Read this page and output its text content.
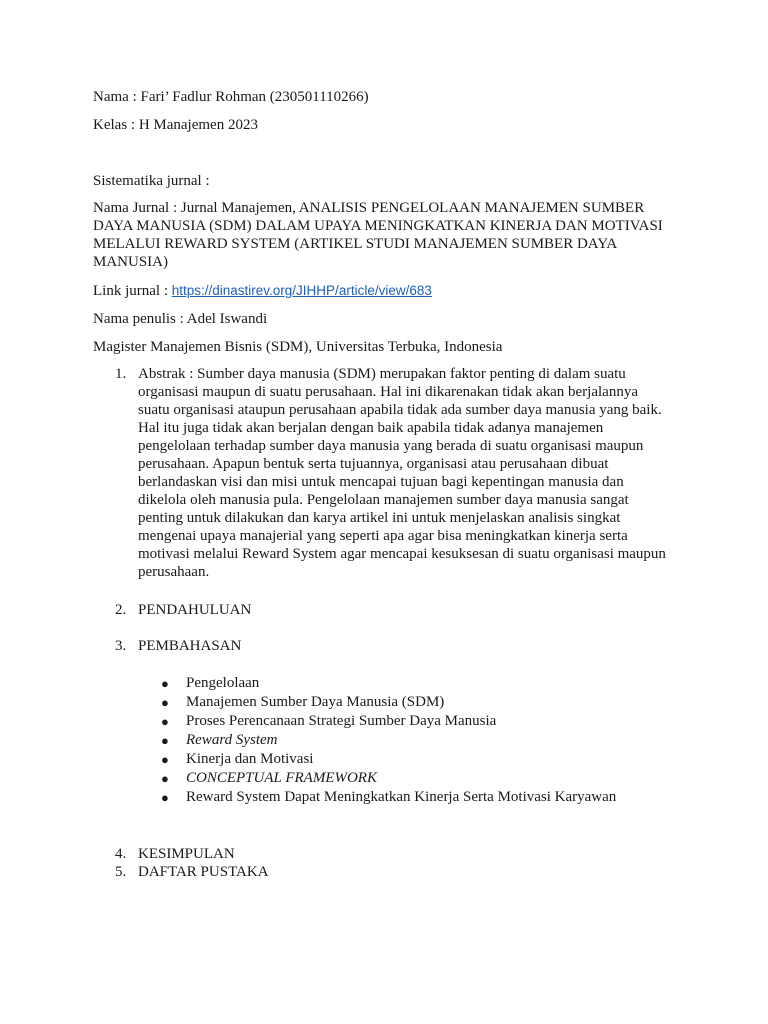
Nama : Fari’ Fadlur Rohman (230501110266)
Kelas : H Manajemen 2023
Sistematika jurnal :
Nama Jurnal : Jurnal Manajemen, ANALISIS PENGELOLAAN MANAJEMEN SUMBER DAYA MANUSIA (SDM) DALAM UPAYA MENINGKATKAN KINERJA DAN MOTIVASI MELALUI REWARD SYSTEM (ARTIKEL STUDI MANAJEMEN SUMBER DAYA MANUSIA)
Link jurnal : https://dinastirev.org/JIHHP/article/view/683
Nama penulis : Adel Iswandi
Magister Manajemen Bisnis (SDM), Universitas Terbuka, Indonesia
1. Abstrak : Sumber daya manusia (SDM) merupakan faktor penting di dalam suatu organisasi maupun di suatu perusahaan. Hal ini dikarenakan tidak akan berjalannya suatu organisasi ataupun perusahaan apabila tidak ada sumber daya manusia yang baik. Hal itu juga tidak akan berjalan dengan baik apabila tidak adanya manajemen pengelolaan terhadap sumber daya manusia yang berada di suatu organisasi maupun perusahaan. Apapun bentuk serta tujuannya, organisasi atau perusahaan dibuat berlandaskan visi dan misi untuk mencapai tujuan bagi kepentingan manusia dan dikelola oleh manusia pula. Pengelolaan manajemen sumber daya manusia sangat penting untuk dilakukan dan karya artikel ini untuk menjelaskan analisis singkat mengenai upaya manajerial yang seperti apa agar bisa meningkatkan kinerja serta motivasi melalui Reward System agar mencapai kesuksesan di suatu organisasi maupun perusahaan.
2. PENDAHULUAN
3. PEMBAHASAN
● Pengelolaan
● Manajemen Sumber Daya Manusia (SDM)
● Proses Perencanaan Strategi Sumber Daya Manusia
● Reward System
● Kinerja dan Motivasi
● CONCEPTUAL FRAMEWORK
● Reward System Dapat Meningkatkan Kinerja Serta Motivasi Karyawan
4. KESIMPULAN
5. DAFTAR PUSTAKA
